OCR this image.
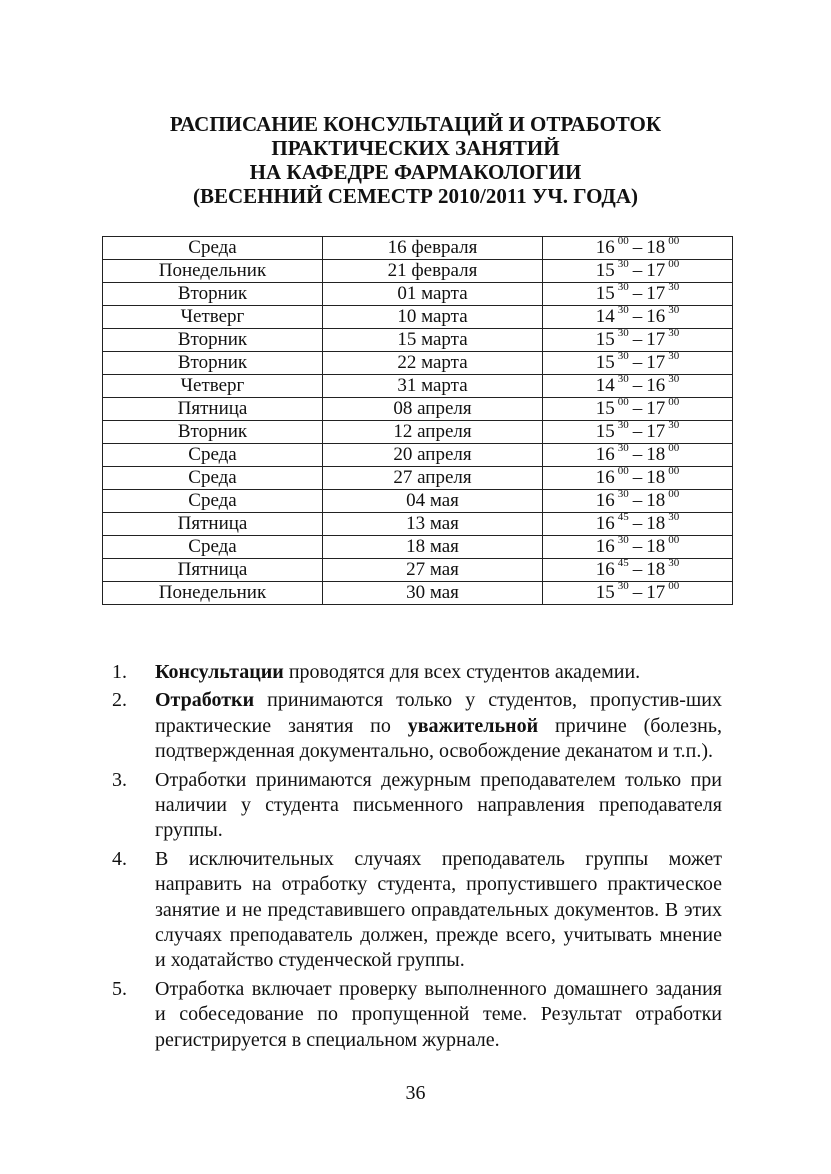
РАСПИСАНИЕ КОНСУЛЬТАЦИЙ И ОТРАБОТОК
ПРАКТИЧЕСКИХ ЗАНЯТИЙ
НА КАФЕДРЕ ФАРМАКОЛОГИИ
(ВЕСЕННИЙ СЕМЕСТР 2010/2011 УЧ. ГОДА)
Среда	16 февраля	16 $^{00}$ – 18 $^{00}$
Понедельник	21 февраля	15 $^{30}$ – 17 $^{00}$
Вторник	01 марта	15 $^{30}$ – 17 $^{30}$
Четверг	10 марта	14 $^{30}$ – 16 $^{30}$
Вторник	15 марта	15 $^{30}$ – 17 $^{30}$
Вторник	22 марта	15 $^{30}$ – 17 $^{30}$
Четверг	31 марта	14 $^{30}$ – 16 $^{30}$
Пятница	08 апреля	15 $^{00}$ – 17 $^{00}$
Вторник	12 апреля	15 $^{30}$ – 17 $^{30}$
Среда	20 апреля	16 $^{30}$ – 18 $^{00}$
Среда	27 апреля	16 $^{00}$ – 18 $^{00}$
Среда	04 мая	16 $^{30}$ – 18 $^{00}$
Пятница	13 мая	16 $^{45}$ – 18 $^{30}$
Среда	18 мая	16 $^{30}$ – 18 $^{00}$
Пятница	27 мая	16 $^{45}$ – 18 $^{30}$
Понедельник	30 мая	15 $^{30}$ – 17 $^{00}$
1. Консультации проводятся для всех студентов академии.
2. Отработки принимаются только у студентов, пропустив-ших практические занятия по уважительной причине (болезнь, подтвержденная документально, освобождение деканатом и т.п.).
3. Отработки принимаются дежурным преподавателем только при наличии у студента письменного направления преподавателя группы.
4. В исключительных случаях преподаватель группы может направить на отработку студента, пропустившего практическое занятие и не представившего оправдательных документов. В этих случаях преподаватель должен, прежде всего, учитывать мнение и ходатайство студенческой группы.
5. Отработка включает проверку выполненного домашнего задания и собеседование по пропущенной теме. Результат отработки регистрируется в специальном журнале.
36
